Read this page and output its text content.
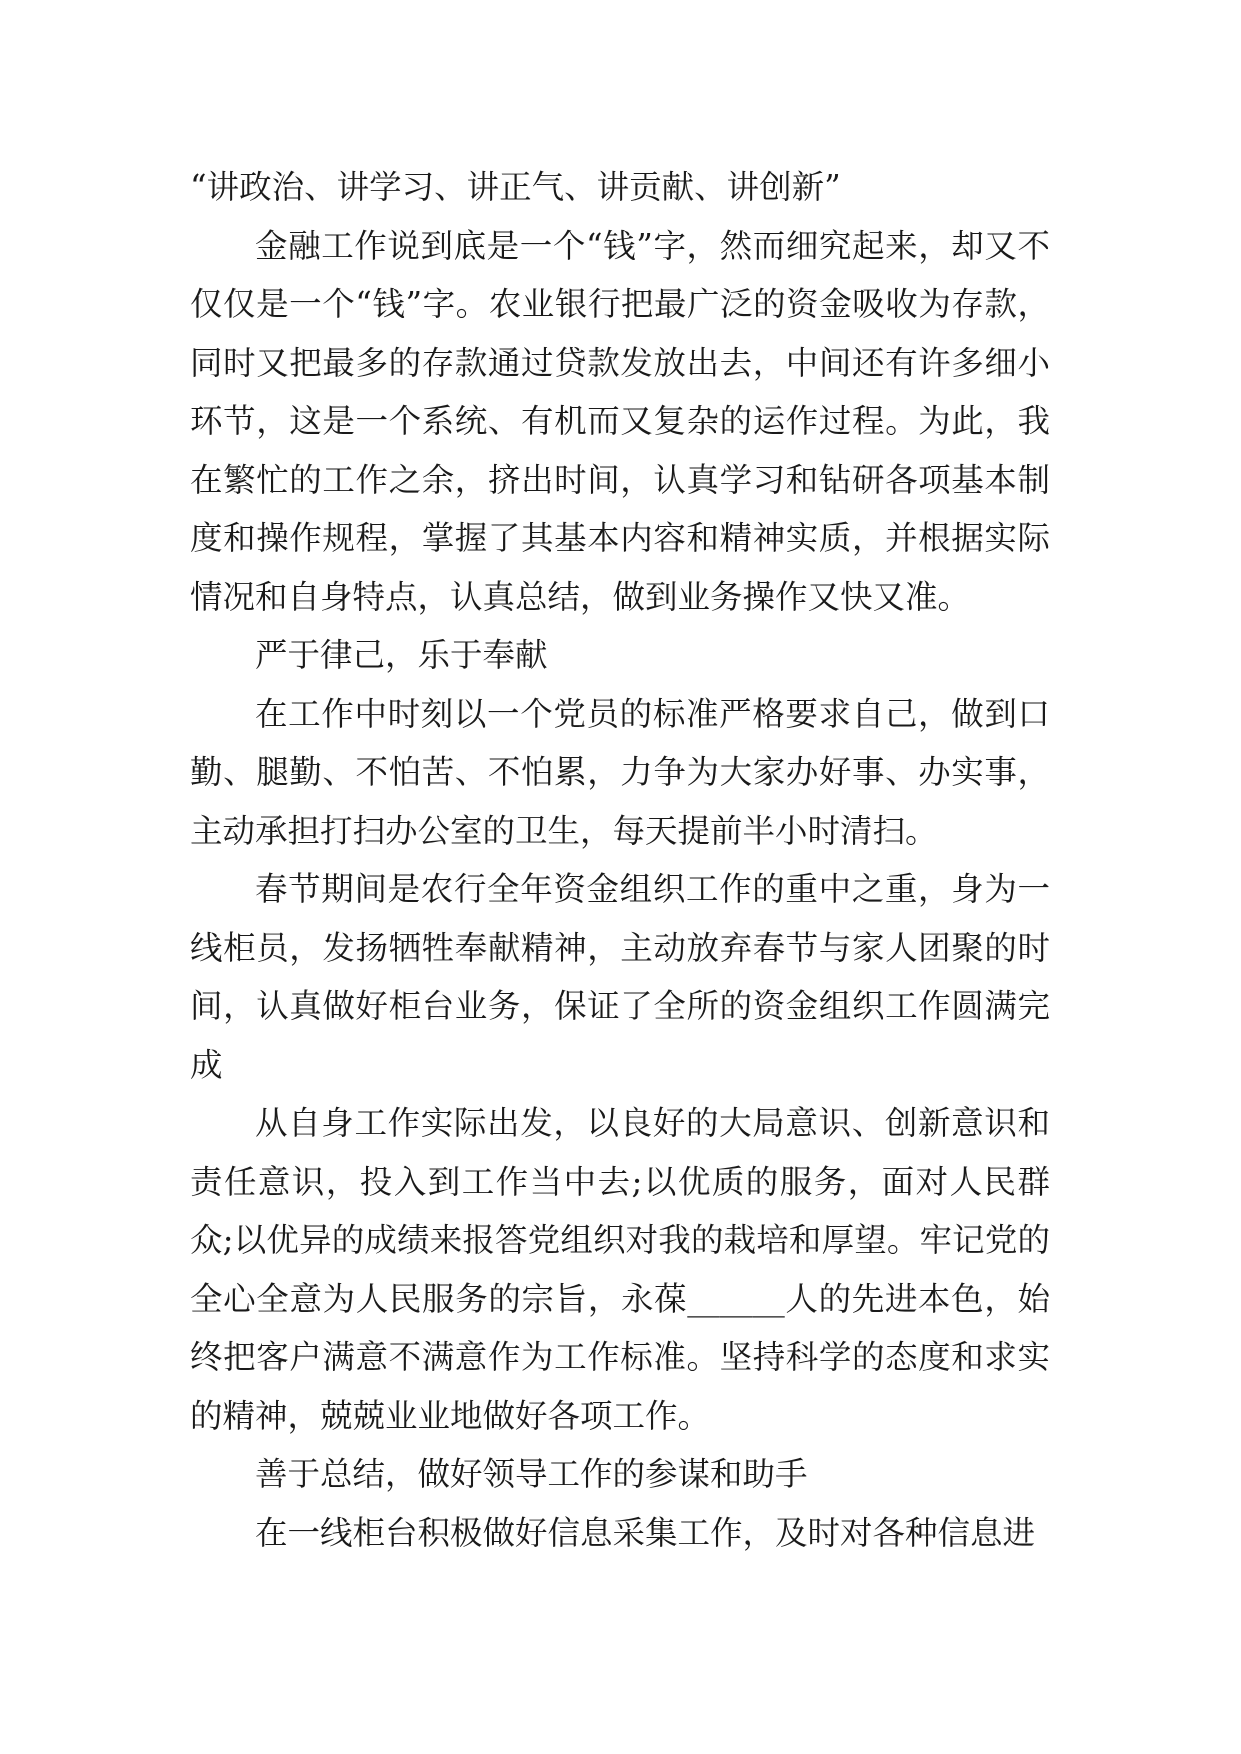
“讲政治、讲学习、讲正气、讲贡献、讲创新”

金融工作说到底是一个“钱”字，然而细究起来，却又不仅仅是一个“钱”字。农业银行把最广泛的资金吸收为存款，同时又把最多的存款通过贷款发放出去，中间还有许多细小环节，这是一个系统、有机而又复杂的运作过程。为此，我在繁忙的工作之余，挤出时间，认真学习和钻研各项基本制度和操作规程，掌握了其基本内容和精神实质，并根据实际情况和自身特点，认真总结，做到业务操作又快又准。

严于律己，乐于奉献

在工作中时刻以一个党员的标准严格要求自己，做到口勤、腿勤、不怕苦、不怕累，力争为大家办好事、办实事，主动承担打扫办公室的卫生，每天提前半小时清扫。

春节期间是农行全年资金组织工作的重中之重，身为一线柜员，发扬牺牲奉献精神，主动放弃春节与家人团聚的时间，认真做好柜台业务，保证了全所的资金组织工作圆满完成

从自身工作实际出发，以良好的大局意识、创新意识和责任意识，投入到工作当中去;以优质的服务，面对人民群众;以优异的成绩来报答党组织对我的栽培和厚望。牢记党的全心全意为人民服务的宗旨，永葆______人的先进本色，始终把客户满意不满意作为工作标准。坚持科学的态度和求实的精神，兢兢业业地做好各项工作。

善于总结，做好领导工作的参谋和助手

在一线柜台积极做好信息采集工作，及时对各种信息进
